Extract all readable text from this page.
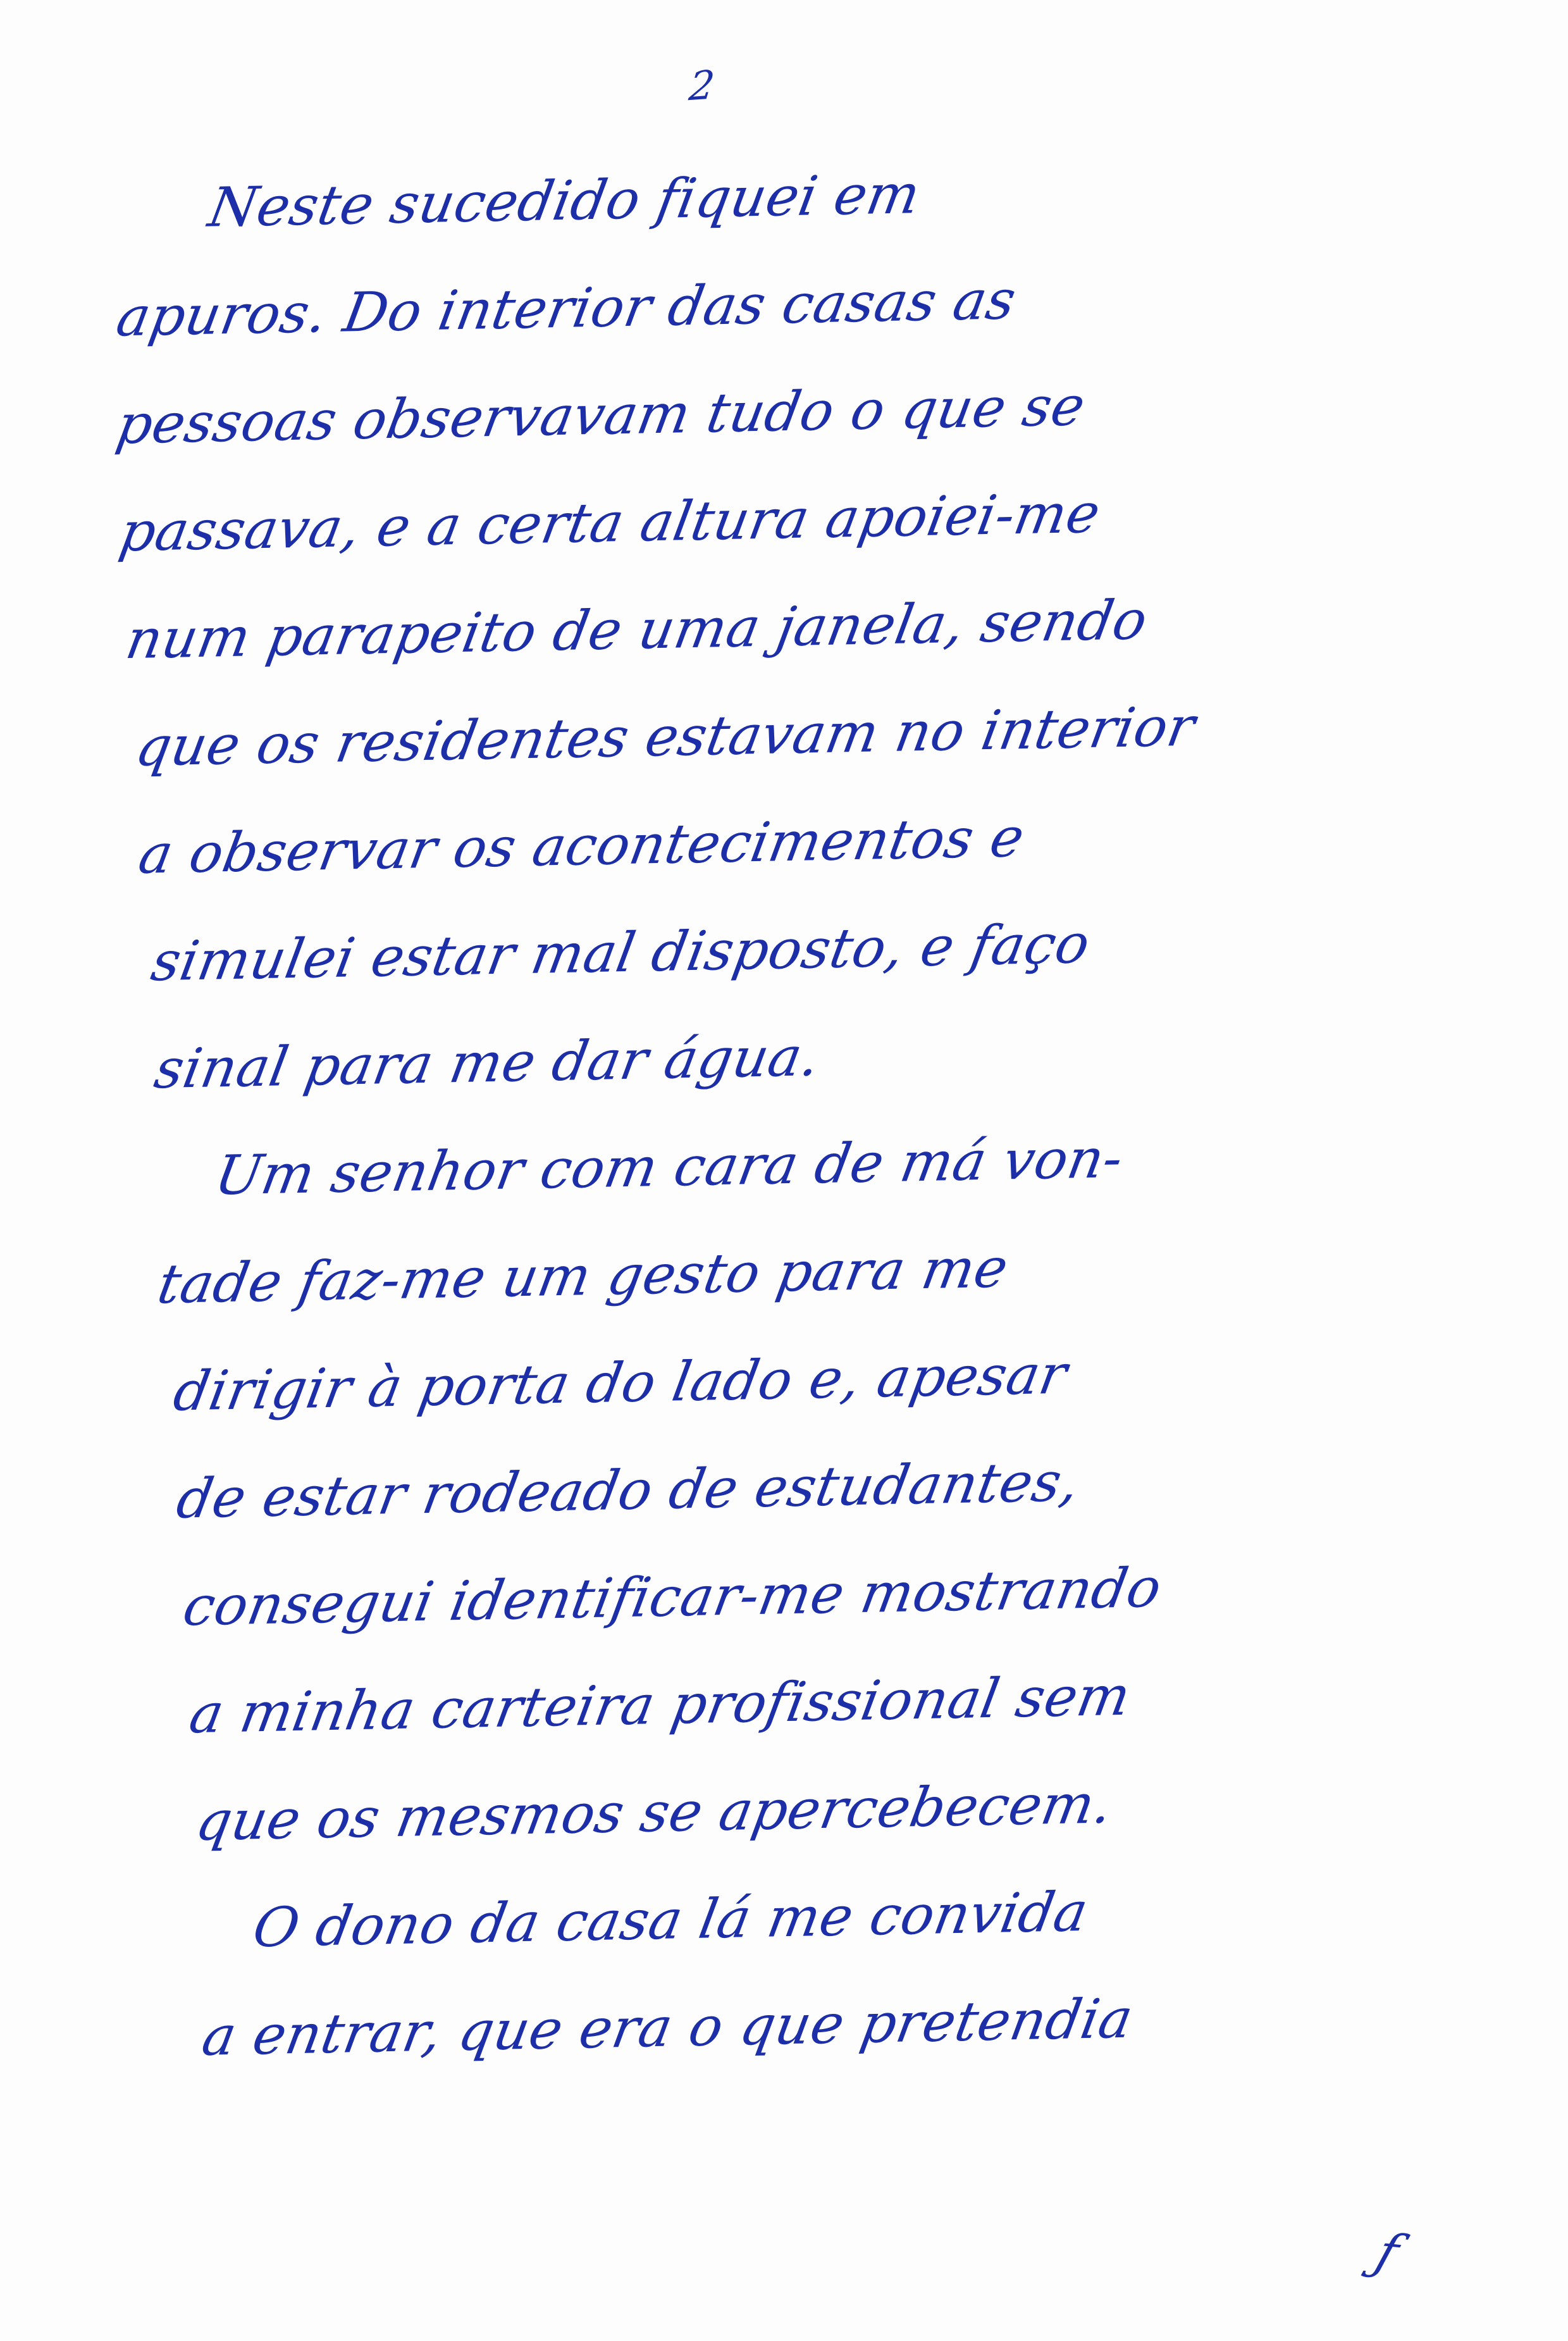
2
Neste sucedido fiquei em
apuros. Do interior das casas as
pessoas observavam tudo o que se
passava, e a certa altura apoiei-me
num parapeito de uma janela, sendo
que os residentes estavam no interior
a observar os acontecimentos e
simulei estar mal disposto, e faço
sinal para me dar água.
Um senhor com cara de má von-
tade faz-me um gesto para me
dirigir à porta do lado e, apesar
de estar rodeado de estudantes,
consegui identificar-me mostrando
a minha carteira profissional sem
que os mesmos se apercebecem.
O dono da casa lá me convida
a entrar, que era o que pretendia
ƒ
